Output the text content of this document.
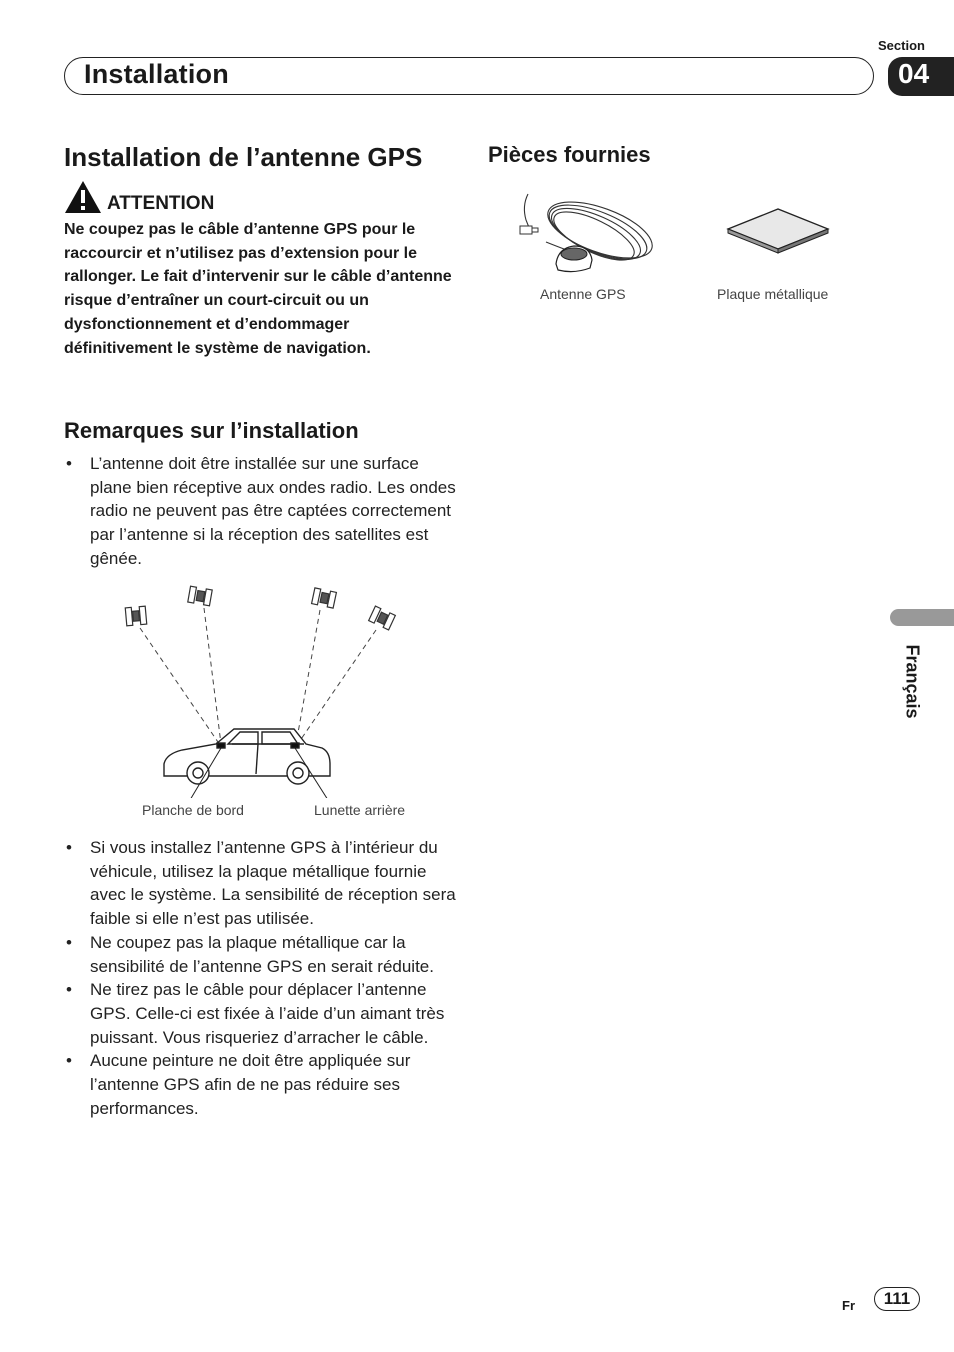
Section
Installation	04
Installation de l’antenne GPS
ATTENTION
Ne coupez pas le câble d’antenne GPS pour le raccourcir et n’utilisez pas d’extension pour le rallonger. Le fait d’intervenir sur le câble d’antenne risque d’entraîner un court-circuit ou un dysfonctionnement et d’endommager définitivement le système de navigation.
Remarques sur l’installation
• L’antenne doit être installée sur une surface plane bien réceptive aux ondes radio. Les ondes radio ne peuvent pas être captées correctement par l’antenne si la réception des satellites est gênée.
Planche de bord	Lunette arrière
• Si vous installez l’antenne GPS à l’intérieur du véhicule, utilisez la plaque métallique fournie avec le système. La sensibilité de réception sera faible si elle n’est pas utilisée.
• Ne coupez pas la plaque métallique car la sensibilité de l’antenne GPS en serait réduite.
• Ne tirez pas le câble pour déplacer l’antenne GPS. Celle-ci est fixée à l’aide d’un aimant très puissant. Vous risqueriez d’arracher le câble.
• Aucune peinture ne doit être appliquée sur l’antenne GPS afin de ne pas réduire ses performances.
Pièces fournies
Antenne GPS	Plaque métallique
Français
Fr	111
